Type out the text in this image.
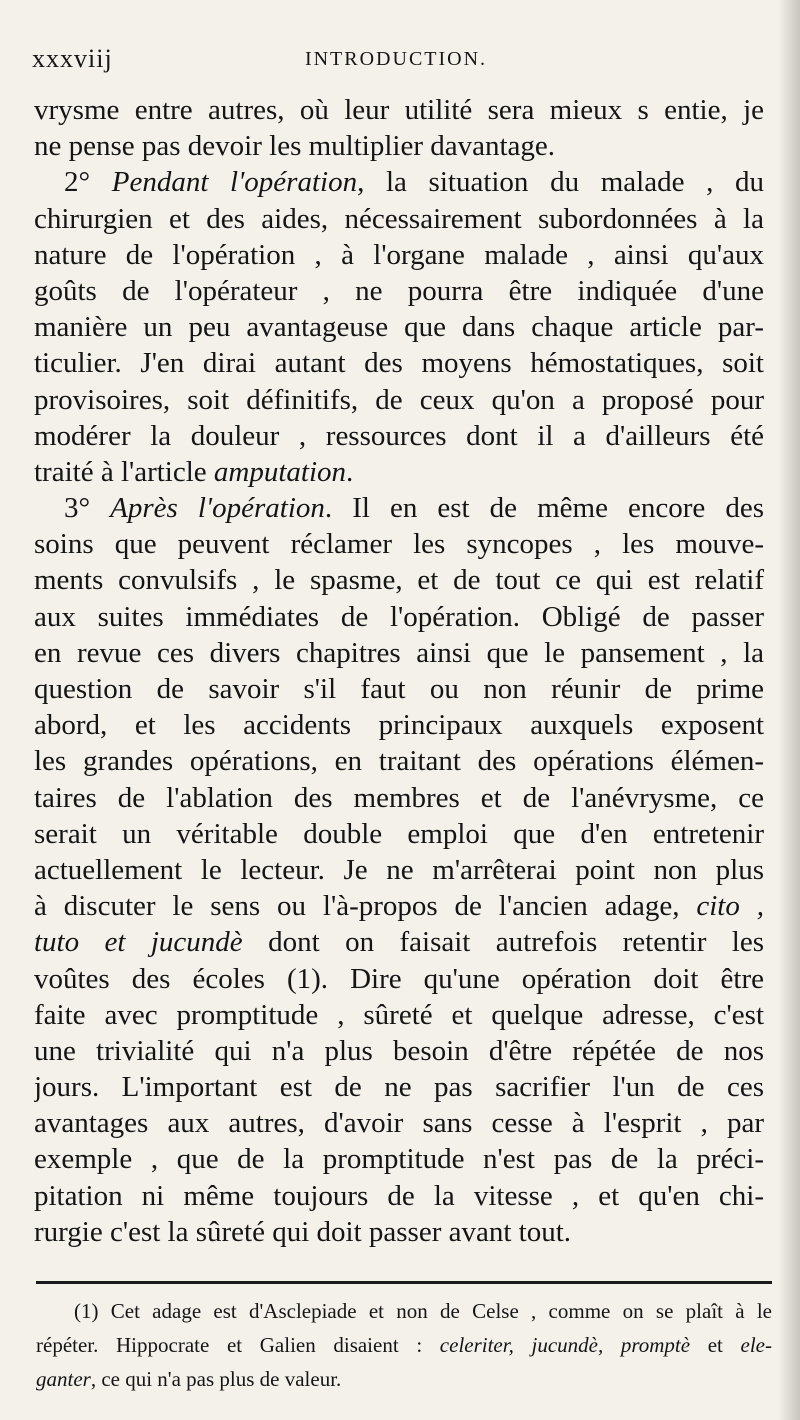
xxxviij	INTRODUCTION.
vrysme entre autres, où leur utilité sera mieux s entie, je
ne pense pas devoir les multiplier davantage.
2° Pendant l'opération, la situation du malade , du
chirurgien et des aides, nécessairement subordonnées à la
nature de l'opération , à l'organe malade , ainsi qu'aux
goûts de l'opérateur , ne pourra être indiquée d'une
manière un peu avantageuse que dans chaque article par-
ticulier. J'en dirai autant des moyens hémostatiques, soit
provisoires, soit définitifs, de ceux qu'on a proposé pour
modérer la douleur , ressources dont il a d'ailleurs été
traité à l'article amputation.
3° Après l'opération. Il en est de même encore des
soins que peuvent réclamer les syncopes , les mouve-
ments convulsifs , le spasme, et de tout ce qui est relatif
aux suites immédiates de l'opération. Obligé de passer
en revue ces divers chapitres ainsi que le pansement , la
question de savoir s'il faut ou non réunir de prime
abord, et les accidents principaux auxquels exposent
les grandes opérations, en traitant des opérations élémen-
taires de l'ablation des membres et de l'anévrysme, ce
serait un véritable double emploi que d'en entretenir
actuellement le lecteur. Je ne m'arrêterai point non plus
à discuter le sens ou l'à-propos de l'ancien adage, cito ,
tuto et jucundè dont on faisait autrefois retentir les
voûtes des écoles (1). Dire qu'une opération doit être
faite avec promptitude , sûreté et quelque adresse, c'est
une trivialité qui n'a plus besoin d'être répétée de nos
jours. L'important est de ne pas sacrifier l'un de ces
avantages aux autres, d'avoir sans cesse à l'esprit , par
exemple , que de la promptitude n'est pas de la préci-
pitation ni même toujours de la vitesse , et qu'en chi-
rurgie c'est la sûreté qui doit passer avant tout.
(1) Cet adage est d'Asclepiade et non de Celse , comme on se plaît à le
répéter. Hippocrate et Galien disaient : celeriter, jucundè, promptè et ele-
ganter, ce qui n'a pas plus de valeur.
